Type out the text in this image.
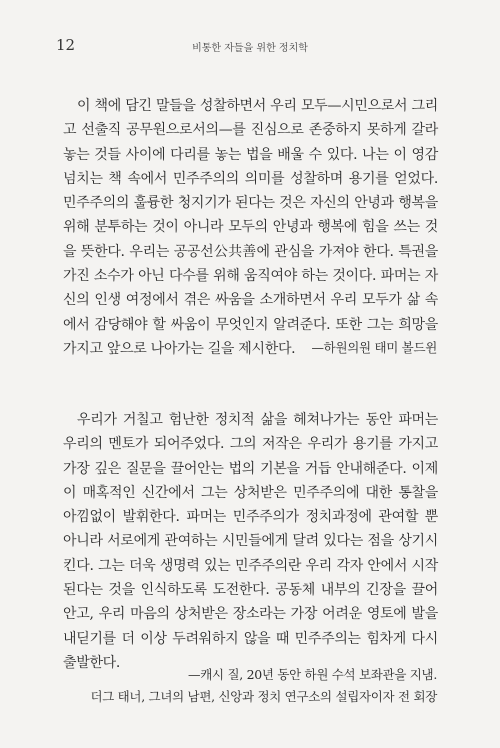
12	비통한 자들을 위한 정치학

이 책에 담긴 말들을 성찰하면서 우리 모두—시민으로서 그리고 선출직 공무원으로서의—를 진심으로 존중하지 못하게 갈라놓는 것들 사이에 다리를 놓는 법을 배울 수 있다. 나는 이 영감 넘치는 책 속에서 민주주의의 의미를 성찰하며 용기를 얻었다. 민주주의의 훌륭한 청지기가 된다는 것은 자신의 안녕과 행복을 위해 분투하는 것이 아니라 모두의 안녕과 행복에 힘을 쓰는 것을 뜻한다. 우리는 공공선公共善에 관심을 가져야 한다. 특권을 가진 소수가 아닌 다수를 위해 움직여야 하는 것이다. 파머는 자신의 인생 여정에서 겪은 싸움을 소개하면서 우리 모두가 삶 속에서 감당해야 할 싸움이 무엇인지 알려준다. 또한 그는 희망을 가지고 앞으로 나아가는 길을 제시한다.	—하원의원 태미 볼드윈

우리가 거칠고 험난한 정치적 삶을 헤쳐나가는 동안 파머는 우리의 멘토가 되어주었다. 그의 저작은 우리가 용기를 가지고 가장 깊은 질문을 끌어안는 법의 기본을 거듭 안내해준다. 이제 이 매혹적인 신간에서 그는 상처받은 민주주의에 대한 통찰을 아낌없이 발휘한다. 파머는 민주주의가 정치과정에 관여할 뿐 아니라 서로에게 관여하는 시민들에게 달려 있다는 점을 상기시킨다. 그는 더욱 생명력 있는 민주주의란 우리 각자 안에서 시작된다는 것을 인식하도록 도전한다. 공동체 내부의 긴장을 끌어안고, 우리 마음의 상처받은 장소라는 가장 어려운 영토에 발을 내딛기를 더 이상 두려워하지 않을 때 민주주의는 힘차게 다시 출발한다.

—캐시 질, 20년 동안 하원 수석 보좌관을 지냄.

더그 태너, 그녀의 남편, 신앙과 정치 연구소의 설립자이자 전 회장
